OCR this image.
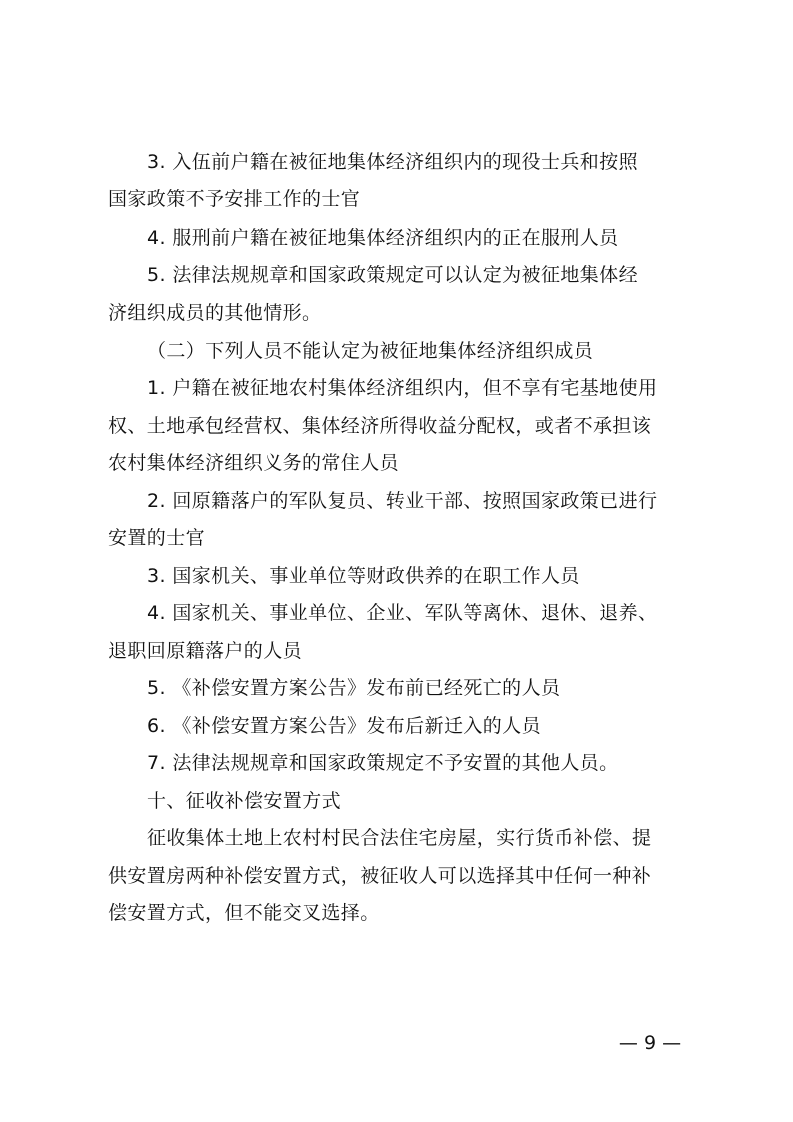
3. 入伍前户籍在被征地集体经济组织内的现役士兵和按照
国家政策不予安排工作的士官
4. 服刑前户籍在被征地集体经济组织内的正在服刑人员
5. 法律法规规章和国家政策规定可以认定为被征地集体经
济组织成员的其他情形。
（二）下列人员不能认定为被征地集体经济组织成员
1. 户籍在被征地农村集体经济组织内，但不享有宅基地使用
权、土地承包经营权、集体经济所得收益分配权，或者不承担该
农村集体经济组织义务的常住人员
2. 回原籍落户的军队复员、转业干部、按照国家政策已进行
安置的士官
3. 国家机关、事业单位等财政供养的在职工作人员
4. 国家机关、事业单位、企业、军队等离休、退休、退养、
退职回原籍落户的人员
5. 《补偿安置方案公告》发布前已经死亡的人员
6. 《补偿安置方案公告》发布后新迁入的人员
7. 法律法规规章和国家政策规定不予安置的其他人员。
十、征收补偿安置方式
征收集体土地上农村村民合法住宅房屋，实行货币补偿、提
供安置房两种补偿安置方式，被征收人可以选择其中任何一种补
偿安置方式，但不能交叉选择。
— 9 —
